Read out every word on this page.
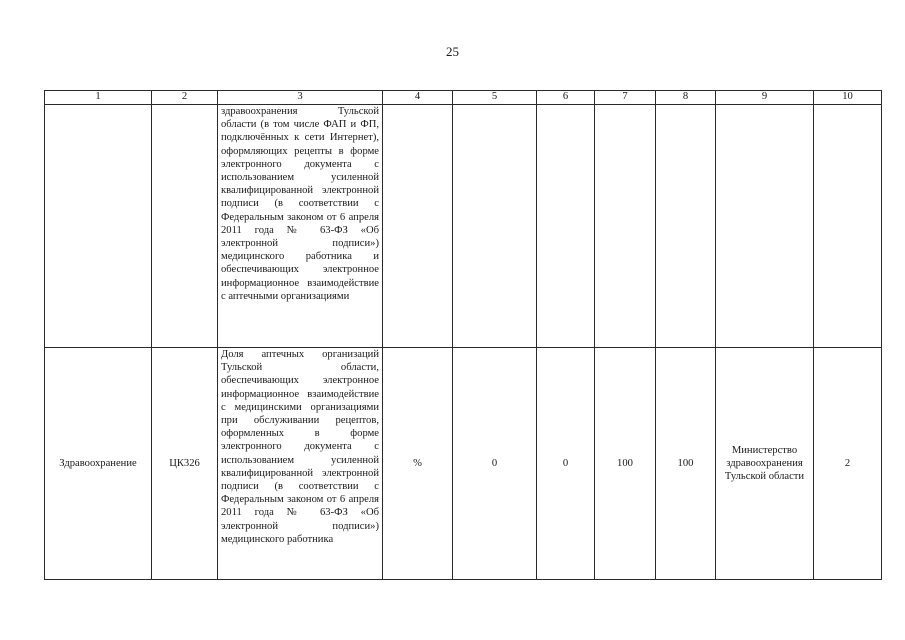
25
1	2	3	4	5	6	7	8	9	10
		здравоохранения Тульской области (в том числе ФАП и ФП, подключённых к сети Интернет), оформляющих рецепты в форме электронного документа с использованием усиленной квалифицированной электронной подписи (в соответствии с Федеральным законом от 6 апреля 2011 года № 63-ФЗ «Об электронной подписи») медицинского работника и обеспечивающих электронное информационное взаимодействие с аптечными организациями							
Здравоохранение	ЦК326	Доля аптечных организаций Тульской области, обеспечивающих электронное информационное взаимодействие с медицинскими организациями при обслуживании рецептов, оформленных в форме электронного документа с использованием усиленной квалифицированной электронной подписи (в соответствии с Федеральным законом от 6 апреля 2011 года № 63-ФЗ «Об электронной подписи») медицинского работника	%	0	0	100	100	Министерство здравоохранения Тульской области	2
